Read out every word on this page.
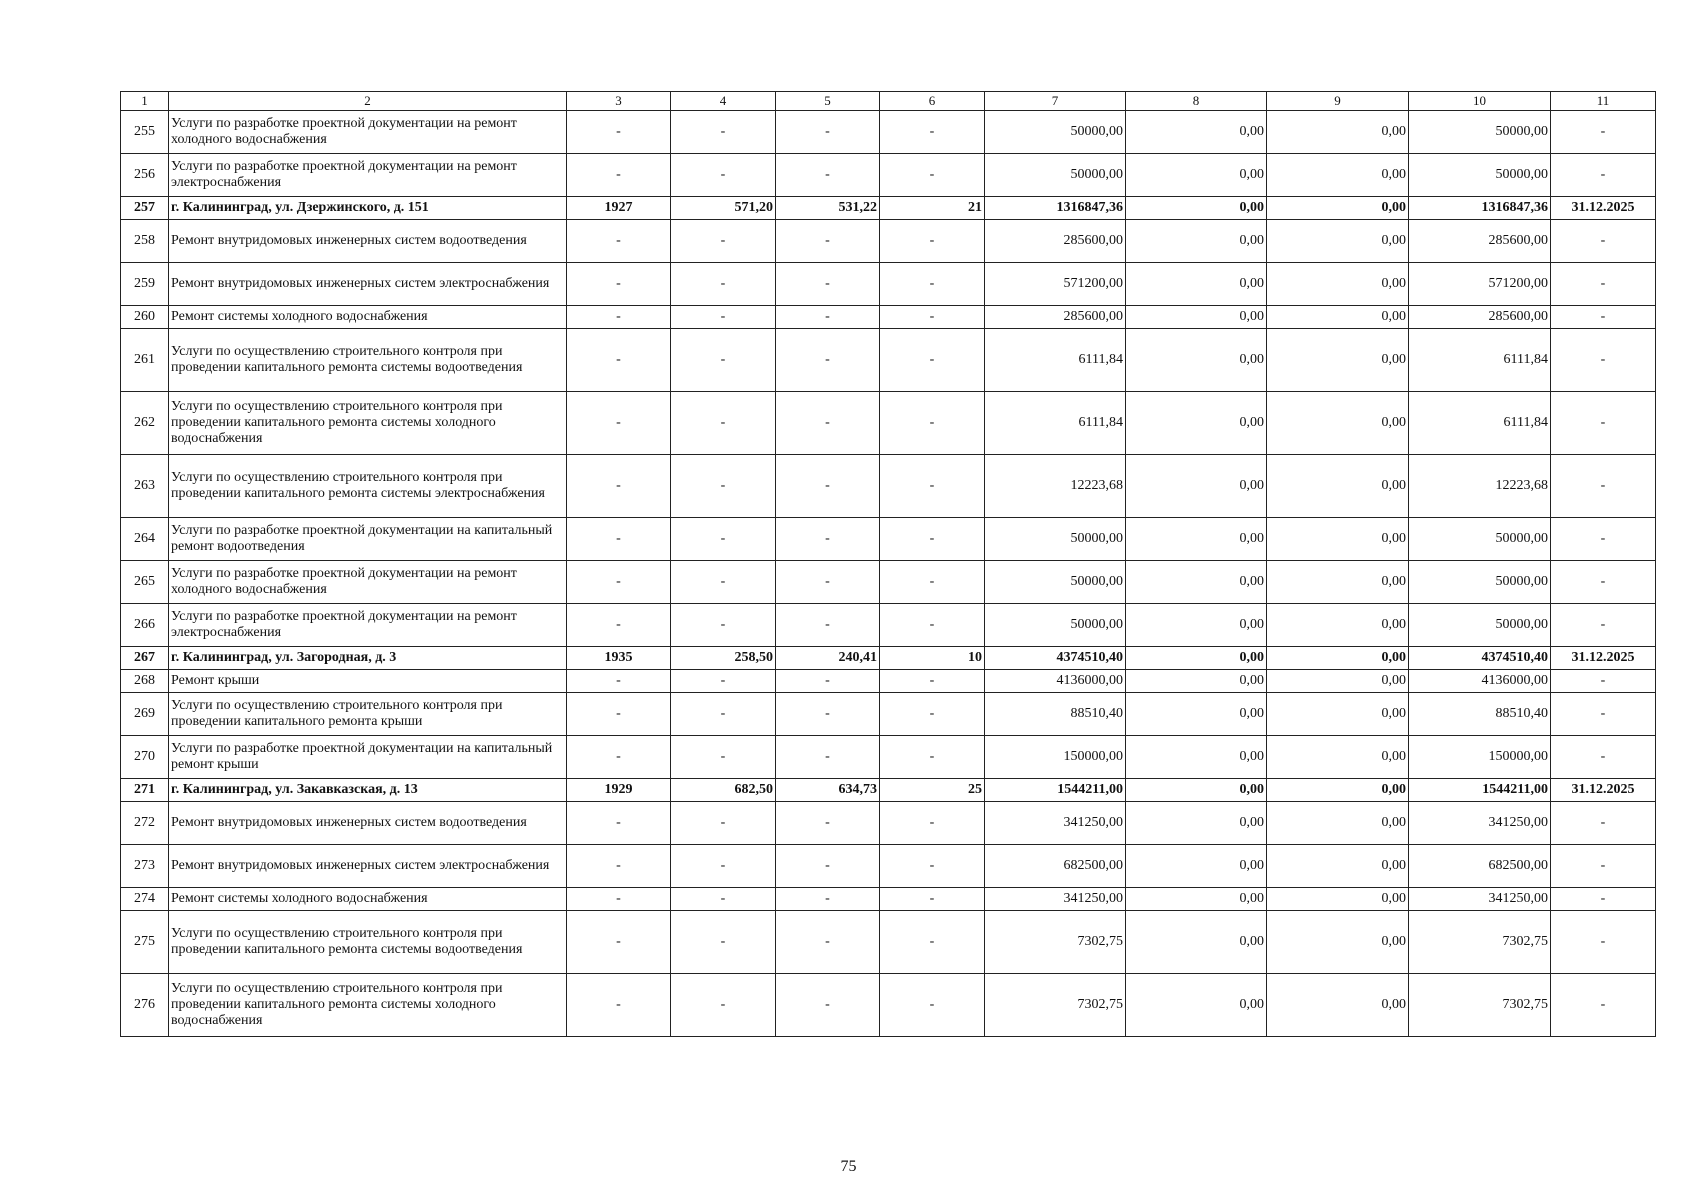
1	2	3	4	5	6	7	8	9	10	11
255	Услуги по разработке проектной документации на ремонт холодного водоснабжения	-	-	-	-	50000,00	0,00	0,00	50000,00	-
256	Услуги по разработке проектной документации на ремонт электроснабжения	-	-	-	-	50000,00	0,00	0,00	50000,00	-
257	г. Калининград, ул. Дзержинского, д. 151	1927	571,20	531,22	21	1316847,36	0,00	0,00	1316847,36	31.12.2025
258	Ремонт внутридомовых инженерных систем водоотведения	-	-	-	-	285600,00	0,00	0,00	285600,00	-
259	Ремонт внутридомовых инженерных систем электроснабжения	-	-	-	-	571200,00	0,00	0,00	571200,00	-
260	Ремонт системы холодного водоснабжения	-	-	-	-	285600,00	0,00	0,00	285600,00	-
261	Услуги по осуществлению строительного контроля при проведении капитального ремонта системы водоотведения	-	-	-	-	6111,84	0,00	0,00	6111,84	-
262	Услуги по осуществлению строительного контроля при проведении капитального ремонта системы холодного водоснабжения	-	-	-	-	6111,84	0,00	0,00	6111,84	-
263	Услуги по осуществлению строительного контроля при проведении капитального ремонта системы электроснабжения	-	-	-	-	12223,68	0,00	0,00	12223,68	-
264	Услуги по разработке проектной документации на капитальный ремонт водоотведения	-	-	-	-	50000,00	0,00	0,00	50000,00	-
265	Услуги по разработке проектной документации на ремонт холодного водоснабжения	-	-	-	-	50000,00	0,00	0,00	50000,00	-
266	Услуги по разработке проектной документации на ремонт электроснабжения	-	-	-	-	50000,00	0,00	0,00	50000,00	-
267	г. Калининград, ул. Загородная, д. 3	1935	258,50	240,41	10	4374510,40	0,00	0,00	4374510,40	31.12.2025
268	Ремонт крыши	-	-	-	-	4136000,00	0,00	0,00	4136000,00	-
269	Услуги по осуществлению строительного контроля при проведении капитального ремонта крыши	-	-	-	-	88510,40	0,00	0,00	88510,40	-
270	Услуги по разработке проектной документации на капитальный ремонт крыши	-	-	-	-	150000,00	0,00	0,00	150000,00	-
271	г. Калининград, ул. Закавказская, д. 13	1929	682,50	634,73	25	1544211,00	0,00	0,00	1544211,00	31.12.2025
272	Ремонт внутридомовых инженерных систем водоотведения	-	-	-	-	341250,00	0,00	0,00	341250,00	-
273	Ремонт внутридомовых инженерных систем электроснабжения	-	-	-	-	682500,00	0,00	0,00	682500,00	-
274	Ремонт системы холодного водоснабжения	-	-	-	-	341250,00	0,00	0,00	341250,00	-
275	Услуги по осуществлению строительного контроля при проведении капитального ремонта системы водоотведения	-	-	-	-	7302,75	0,00	0,00	7302,75	-
276	Услуги по осуществлению строительного контроля при проведении капитального ремонта системы холодного водоснабжения	-	-	-	-	7302,75	0,00	0,00	7302,75	-
75
